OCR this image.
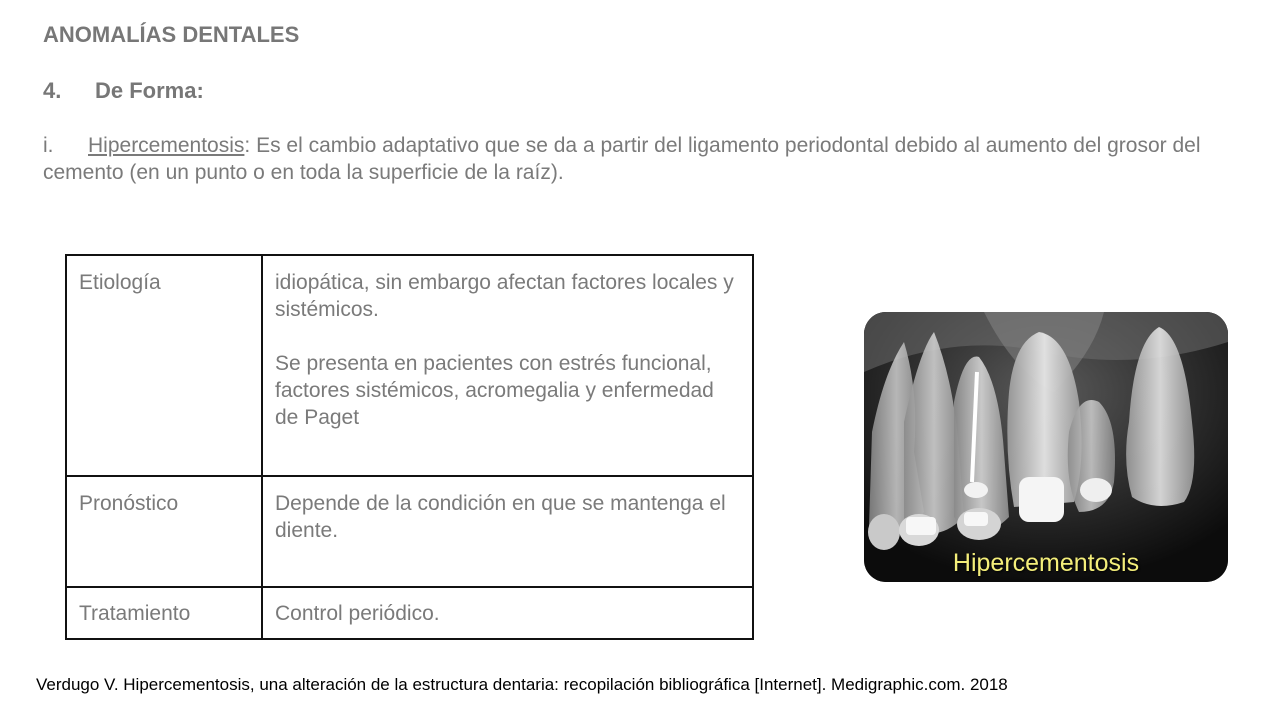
ANOMALÍAS DENTALES
4.	De Forma:

i. Hipercementosis: Es el cambio adaptativo que se da a partir del ligamento periodontal debido al aumento del grosor del cemento (en un punto o en toda la superficie de la raíz).

Etiología	idiopática, sin embargo afectan factores locales y sistémicos.

Se presenta en pacientes con estrés funcional, factores sistémicos, acromegalia y enfermedad de Paget

Pronóstico	Depende de la condición en que se mantenga el diente.

Tratamiento	Control periódico.

Hipercementosis

Verdugo V. Hipercementosis, una alteración de la estructura dentaria: recopilación bibliográfica [Internet]. Medigraphic.com. 2018
